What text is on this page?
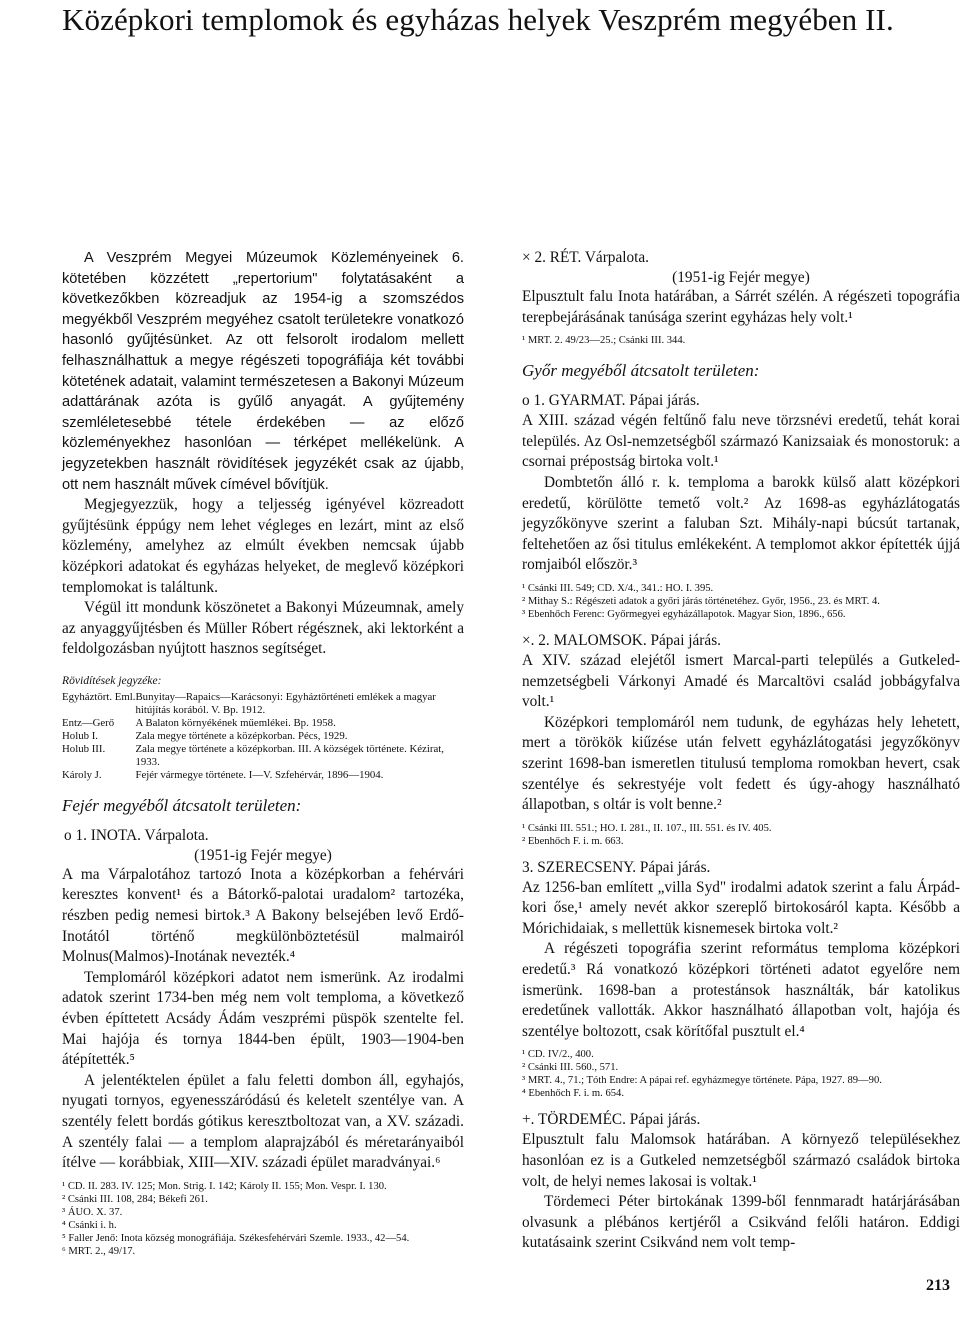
Középkori templomok és egyházas helyek Veszprém megyében II.

A Veszprém Megyei Múzeumok Közleményeinek 6. kötetében közzétett „repertorium" folytatásaként a következőkben közreadjuk az 1954-ig a szomszédos megyékből Veszprém megyéhez csatolt területekre vonatkozó hasonló gyűjtésünket. Az ott felsorolt irodalom mellett felhasználhattuk a megye régészeti topográfiája két további kötetének adatait, valamint természetesen a Bakonyi Múzeum adattárának azóta is gyűlő anyagát. A gyűjtemény szemléletesebbé tétele érdekében — az előző közleményekhez hasonlóan — térképet mellékelünk. A jegyzetekben használt rövidítések jegyzékét csak az újabb, ott nem használt művek címével bővítjük.

Megjegyezzük, hogy a teljesség igényével közreadott gyűjtésünk éppúgy nem lehet végleges en lezárt, mint az első közlemény, amelyhez az elmúlt években nemcsak újabb középkori adatokat és egyházas helyeket, de meglevő középkori templomokat is találtunk.

Végül itt mondunk köszönetet a Bakonyi Múzeumnak, amely az anyaggyűjtésben és Müller Róbert régésznek, aki lektorként a feldolgozásban nyújtott hasznos segítséget.

Rövidítések jegyzéke:
Egyháztört. Eml.	Bunyitay—Rapaics—Karácsonyi: Egyháztörténeti emlékek a magyar hitújítás korából. V. Bp. 1912.
Entz—Gerő	A Balaton környékének műemlékei. Bp. 1958.
Holub I.	Zala megye története a középkorban. Pécs, 1929.
Holub III.	Zala megye története a középkorban. III. A községek története. Kézirat, 1933.
Károly J.	Fejér vármegye története. I—V. Szfehérvár, 1896—1904.
Fejér megyéből átcsatolt területen:

o 1. INOTA. Várpalota.

(1951-ig Fejér megye)

A ma Várpalotához tartozó Inota a középkorban a fehérvári keresztes konvent¹ és a Bátorkő-palotai uradalom² tartozéka, részben pedig nemesi birtok.³ A Bakony belsejében levő Erdő-Inotától történő megkülönböztetésül malmairól Molnus(Malmos)-Inotának nevezték.⁴

Templomáról középkori adatot nem ismerünk. Az irodalmi adatok szerint 1734-ben még nem volt temploma, a következő évben építtetett Acsády Ádám veszprémi püspök szentelte fel. Mai hajója és tornya 1844-ben épült, 1903—1904-ben átépítették.⁵

A jelentéktelen épület a falu feletti dombon áll, egyhajós, nyugati tornyos, egyenesszáródású és keletelt szentélye van. A szentély felett bordás gótikus keresztboltozat van, a XV. századi. A szentély falai — a templom alaprajzából és méretarányaiból ítélve — korábbiak, XIII—XIV. századi épület maradványai.⁶

¹ CD. II. 283. IV. 125; Mon. Strig. I. 142; Károly II. 155; Mon. Vespr. I. 130.

² Csánki III. 108, 284; Békefi 261.

³ ÁUO. X. 37.

⁴ Csánki i. h.

⁵ Faller Jenő: Inota község monográfiája. Székesfehérvári Szemle. 1933., 42—54.

⁶ MRT. 2., 49/17.

× 2. RÉT. Várpalota.

(1951-ig Fejér megye)

Elpusztult falu Inota határában, a Sárrét szélén. A régészeti topográfia terepbejárásának tanúsága szerint egyházas hely volt.¹

¹ MRT. 2. 49/23—25.; Csánki III. 344.

Győr megyéből átcsatolt területen:

o 1. GYARMAT. Pápai járás.

A XIII. század végén feltűnő falu neve törzsnévi eredetű, tehát korai település. Az Osl-nemzetségből származó Kanizsaiak és monostoruk: a csornai prépostság birtoka volt.¹

Dombtetőn álló r. k. temploma a barokk külső alatt középkori eredetű, körülötte temető volt.² Az 1698-as egyházlátogatás jegyzőkönyve szerint a faluban Szt. Mihály-napi búcsút tartanak, feltehetően az ősi titulus emlékeként. A templomot akkor építették újjá romjaiból először.³

¹ Csánki III. 549; CD. X/4., 341.: HO. I. 395.

² Mithay S.: Régészeti adatok a győri járás történetéhez. Győr, 1956., 23. és MRT. 4.

³ Ebenhőch Ferenc: Győrmegyei egyházállapotok. Magyar Sion, 1896., 656.

×. 2. MALOMSOK. Pápai járás.

A XIV. század elejétől ismert Marcal-parti település a Gutkeled-nemzetségbeli Várkonyi Amadé és Marcaltövi család jobbágyfalva volt.¹

Középkori templomáról nem tudunk, de egyházas hely lehetett, mert a törökök kiűzése után felvett egyházlátogatási jegyzőkönyv szerint 1698-ban ismeretlen titulusú temploma romokban hevert, csak szentélye és sekrestyéje volt fedett és úgy-ahogy használható állapotban, s oltár is volt benne.²

¹ Csánki III. 551.; HO. I. 281., II. 107., III. 551. és IV. 405.

² Ebenhőch F. i. m. 663.

3. SZERECSENY. Pápai járás.

Az 1256-ban említett „villa Syd" irodalmi adatok szerint a falu Árpád-kori őse,¹ amely nevét akkor szereplő birtokosáról kapta. Később a Mórichidaiak, s mellettük kisnemesek birtoka volt.²

A régészeti topográfia szerint református temploma középkori eredetű.³ Rá vonatkozó középkori történeti adatot egyelőre nem ismerünk. 1698-ban a protestánsok használták, bár katolikus eredetűnek vallották. Akkor használható állapotban volt, hajója és szentélye boltozott, csak körítőfal pusztult el.⁴

¹ CD. IV/2., 400.

² Csánki III. 560., 571.

³ MRT. 4., 71.; Tóth Endre: A pápai ref. egyházmegye története. Pápa, 1927. 89—90.

⁴ Ebenhőch F. i. m. 654.

+. TÖRDEMÉC. Pápai járás.

Elpusztult falu Malomsok határában. A környező településekhez hasonlóan ez is a Gutkeled nemzetségből származó családok birtoka volt, de helyi nemes lakosai is voltak.¹

Tördemeci Péter birtokának 1399-ből fennmaradt határjárásában olvasunk a plébános kertjéről a Csikvánd felőli határon. Eddigi kutatásaink szerint Csikvánd nem volt temp-

213
